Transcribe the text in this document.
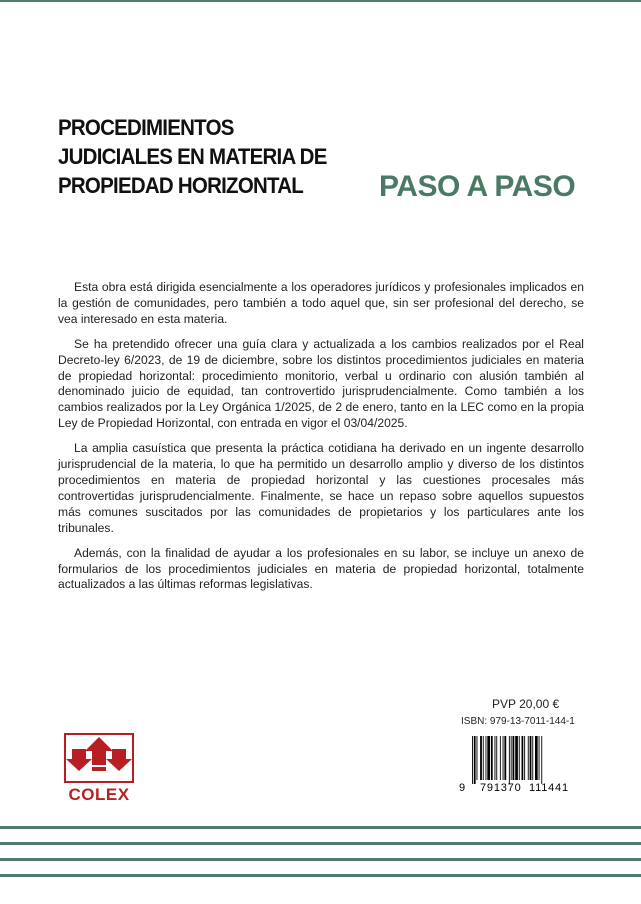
PROCEDIMIENTOS
JUDICIALES EN MATERIA DE
PROPIEDAD HORIZONTAL	PASO A PASO

Esta obra está dirigida esencialmente a los operadores jurídicos y profesionales implicados en la gestión de comunidades, pero también a todo aquel que, sin ser profesional del derecho, se vea interesado en esta materia.

Se ha pretendido ofrecer una guía clara y actualizada a los cambios realizados por el Real Decreto-ley 6/2023, de 19 de diciembre, sobre los distintos procedimientos judiciales en materia de propiedad horizontal: procedimiento monitorio, verbal u ordinario con alusión también al denominado juicio de equidad, tan controvertido jurisprudencialmente. Como también a los cambios realizados por la Ley Orgánica 1/2025, de 2 de enero, tanto en la LEC como en la propia Ley de Propiedad Horizontal, con entrada en vigor el 03/04/2025.

La amplia casuística que presenta la práctica cotidiana ha derivado en un ingente desarrollo jurisprudencial de la materia, lo que ha permitido un desarrollo amplio y diverso de los distintos procedimientos en materia de propiedad horizontal y las cuestiones procesales más controvertidas jurisprudencialmente. Finalmente, se hace un repaso sobre aquellos supuestos más comunes suscitados por las comunidades de propietarios y los particulares ante los tribunales.

Además, con la finalidad de ayudar a los profesionales en su labor, se incluye un anexo de formularios de los procedimientos judiciales en materia de propiedad horizontal, totalmente actualizados a las últimas reformas legislativas.

PVP 20,00 €
ISBN: 979-13-7011-144-1
9 791370 111441
COLEX
